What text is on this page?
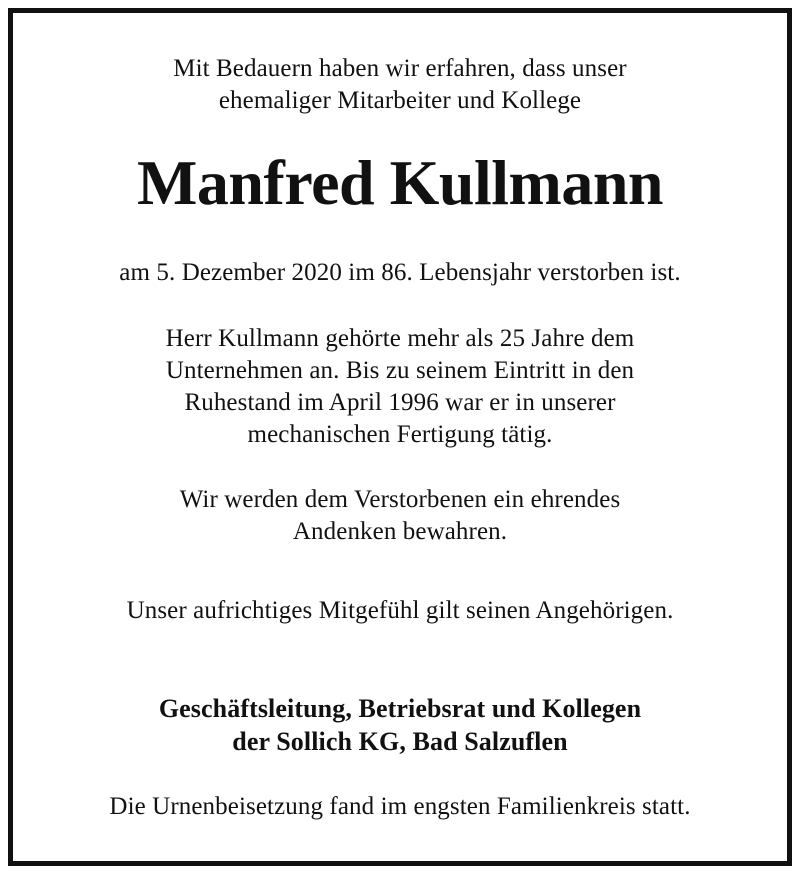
Mit Bedauern haben wir erfahren, dass unser
ehemaliger Mitarbeiter und Kollege
Manfred Kullmann
am 5. Dezember 2020 im 86. Lebensjahr verstorben ist.
Herr Kullmann gehörte mehr als 25 Jahre dem
Unternehmen an. Bis zu seinem Eintritt in den
Ruhestand im April 1996 war er in unserer
mechanischen Fertigung tätig.
Wir werden dem Verstorbenen ein ehrendes
Andenken bewahren.
Unser aufrichtiges Mitgefühl gilt seinen Angehörigen.
Geschäftsleitung, Betriebsrat und Kollegen
der Sollich KG, Bad Salzuflen
Die Urnenbeisetzung fand im engsten Familienkreis statt.
